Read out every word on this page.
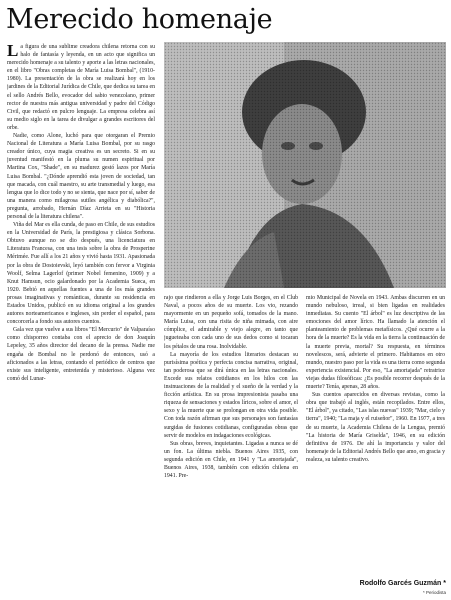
Merecido homenaje

La figura de una sublime creadora chilena retorna con su halo de fantasía y leyenda, en un acto que significa un merecido homenaje a su talento y aporte a las letras nacionales, en el libro "Obras completas de María Luisa Bombal", (1910-1980). La presentación de la obra se realizará hoy en los jardines de la Editorial Jurídica de Chile, que dedica su tarea en el sello Andrés Bello, evocador del sabio venezolano, primer rector de nuestra más antigua universidad y padre del Código Civil, que redactó en pulcro lenguaje. La empresa celebra así su medio siglo en la tarea de divulgar a grandes escritores del orbe.

Nadie, como Alone, luchó para que otorgaran el Premio Nacional de Literatura a María Luisa Bombal, por su rasgo creador único, cuya magia creativa es un secreto. Si en su juventud manifestó en la pluma su numen espiritual por Martina Cox, "Shade", en su madurez gestó lazos por María Luisa Bombal. "¿Dónde aprendió esta joven de sociedad, tan que macada, con cuál maestro, su arte transmedial y luego, esa lengua que lo dice todo y no se sienta, que nace por sí, saber de una manera como milagrosa sutiles angélica y diabólica?", pregunta, arrobado, Hernán Díaz Arrieta en su "Historia personal de la literatura chilena".

Viña del Mar es ella cunda, de paso en Chile, de sus estudios en la Universidad de París, la prestigiosa y clásica Sorbona. Obtuvo aunque no se dio después, una licenciatura en Literatura Francesa, con una tesis sobre la obra de Prosperine Mérimée. Fue allí a los 21 años y vivió hasta 1931. Apasionada por la obra de Dostoievski, leyó también con fervor a Virginia Woolf, Selma Lagerlof (primer Nobel femenino, 1909) y a Knut Hamsun, ocio galardonado por la Academia Sueca, en 1920. Bebió en aquellas fuentes a una de los más grandes prosas imaginativas y románticas, durante su residencia en Estados Unidos, publicó en su idioma original a los grandes autores norteamericanos e ingleses, sin perder el español, para concorcerla a fondo sus autores cuentos.

Gala vez que vuelve a sus libros "El Mercurio" de Valparaíso como chisporreo contaba con el aprecio de don Joaquín Lepeley, 35 años director del decano de la prensa. Nadie me engaña de Bombal no le perdonó de entonces, usó a aficionados a las letras, contando el periódico de centros que existe sus inteligente, entretenida y misterioso. Alguna vez comó del Lunar-

rajo que rindieron a ella y Jorge Luis Borges, en el Club Naval, a pocos años de su muerte. Los vio, rezando mayormente en un pequeño sofá, tomados de la mano. María Luisa, con una risita de niña mimada, con aire cómplice, el admirable y viejo alegre, en tanto que jugueteaba con cada uno de sus dedos como si tocaran los pétalos de una rosa. Inolvidable.

La mayoría de los estudios literarios destacan su purisísima poética y perfecta concisa narrativa, original, tan poderosa que se dirá única en las letras nacionales. Excede sus relatos cotidianos en los hilos con las insinuaciones de la realidad y el sueño de la verdad y la ficción artística. En su prosa impresionista pasaba una riqueza de sensaciones y estados líricos, sobre el amor, el sexo y la muerte que se prolongan en otra vida posible. Con toda razón afirman que sus personajes son fantasías surgidas de fusiones cotidianas, configuradas obras que servir de modelos en indagaciones ecológicas.

Sus obras, breves, inquietantes. Ligadas a nunca se dé un fon. La última niebla. Buenos Aires 1935, con segunda edición en Chile, en 1941 y "La amortajada", Buenos Aires, 1938, también con edición chilena en 1941. Pre-

mio Municipal de Novela en 1943. Ambas discurren en un mundo nebuloso, irreal, si bien ligadas en realidades inmediatas. Su cuento "El árbol" es luz descriptiva de las emociones del amor lírico. Ha llamado la atención el planteamiento de problemas metafísicos. ¿Qué ocurre a la hora de la muerte? Es la vida en la tierra la continuación de la muerte previa, mortal? Su respuesta, en términos novelescos, será, advierte el primero. Habitamos en otro mundo, nuestro paso por la vida es una tierra como segunda experiencia existencial. Por eso, "La amortajada" retratrice viejas dudas filosóficas: ¿Es posible recorrer después de la muerte? Tenía, apenas, 28 años.

Sus cuentos aparecidos en diversas revistas, como la obra que trabajó al inglés, están recopilados. Entre ellos, "El árbol", ya citado, "Las islas nuevas" 1939; "Mar, cielo y tierra", 1940; "La maja y el ruiseñor", 1960. En 1977, a tres de su muerte, la Academia Chilena de la Lengua, premió "La historia de María Griselda", 1946, en su edición definitiva de 1976. De ahí la importancia y valor del homenaje de la Editorial Andrés Bello que amo, en gracia y realeza, su talento creativo.

Rodolfo Garcés Guzmán *
* Periodista
